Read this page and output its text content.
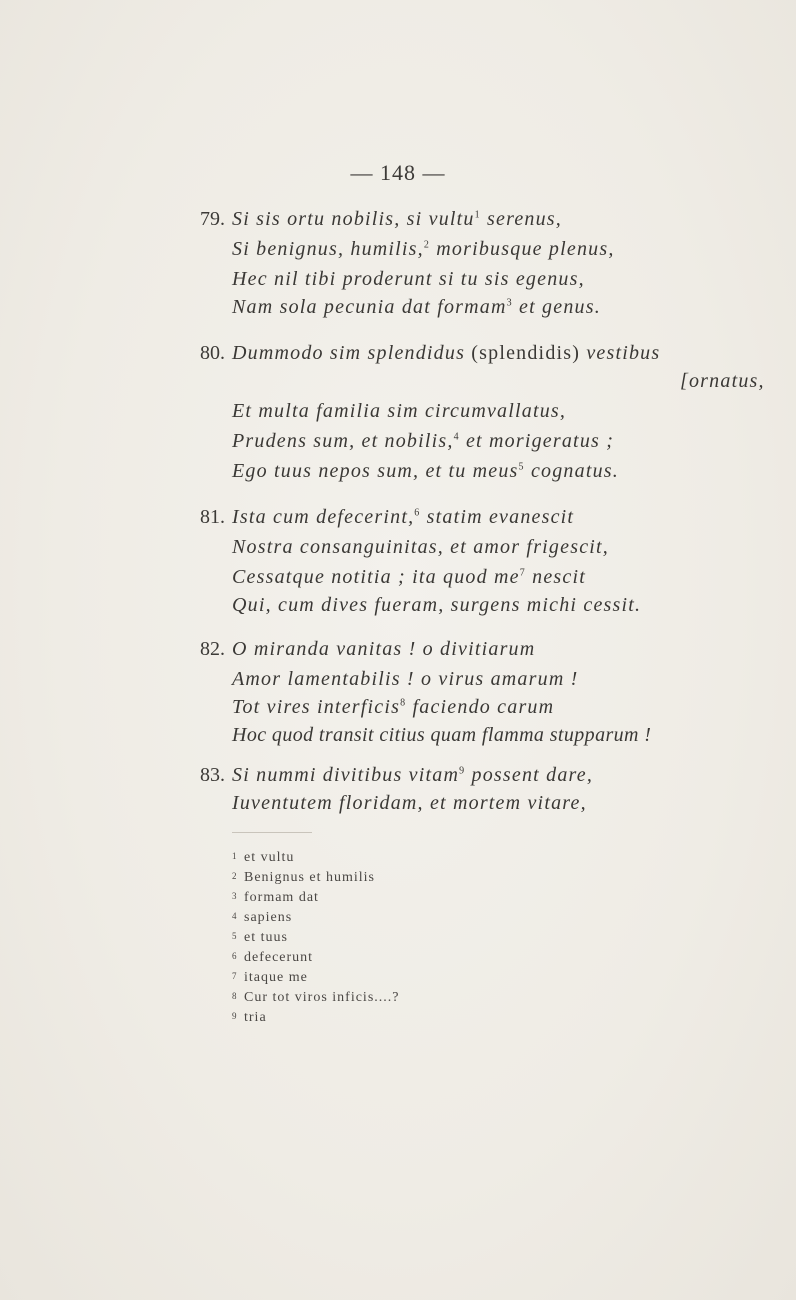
— 148 —
79. Si sis ortu nobilis, si vultu$^1$ serenus,
Si benignus, humilis,$^2$ moribusque plenus,
Hec nil tibi proderunt si tu sis egenus,
Nam sola pecunia dat formam$^3$ et genus.
80. Dummodo sim splendidus (splendidis) vestibus
[ornatus,
Et multa familia sim circumvallatus,
Prudens sum, et nobilis,$^4$ et morigeratus ;
Ego tuus nepos sum, et tu meus$^5$ cognatus.
81. Ista cum defecerint,$^6$ statim evanescit
Nostra consanguinitas, et amor frigescit,
Cessatque notitia ; ita quod $me^7$ nescit
Qui, cum dives fueram, surgens michi cessit.
82. O miranda vanitas ! o divitiarum
Amor lamentabilis ! o virus amarum !
Tot vires interficis$^8$ faciendo carum
Hoc quod transit citius quam flamma stupparum !
83. Si nummi divitibus vitam$^9$ possent dare,
Iuventutem floridam, et mortem vitare,
1 et vultu
2 Benignus et humilis
3 formam dat
4 sapiens
5 et tuus
6 defecerunt
7 itaque me
8 Cur tot viros inficis....?
9 tria
